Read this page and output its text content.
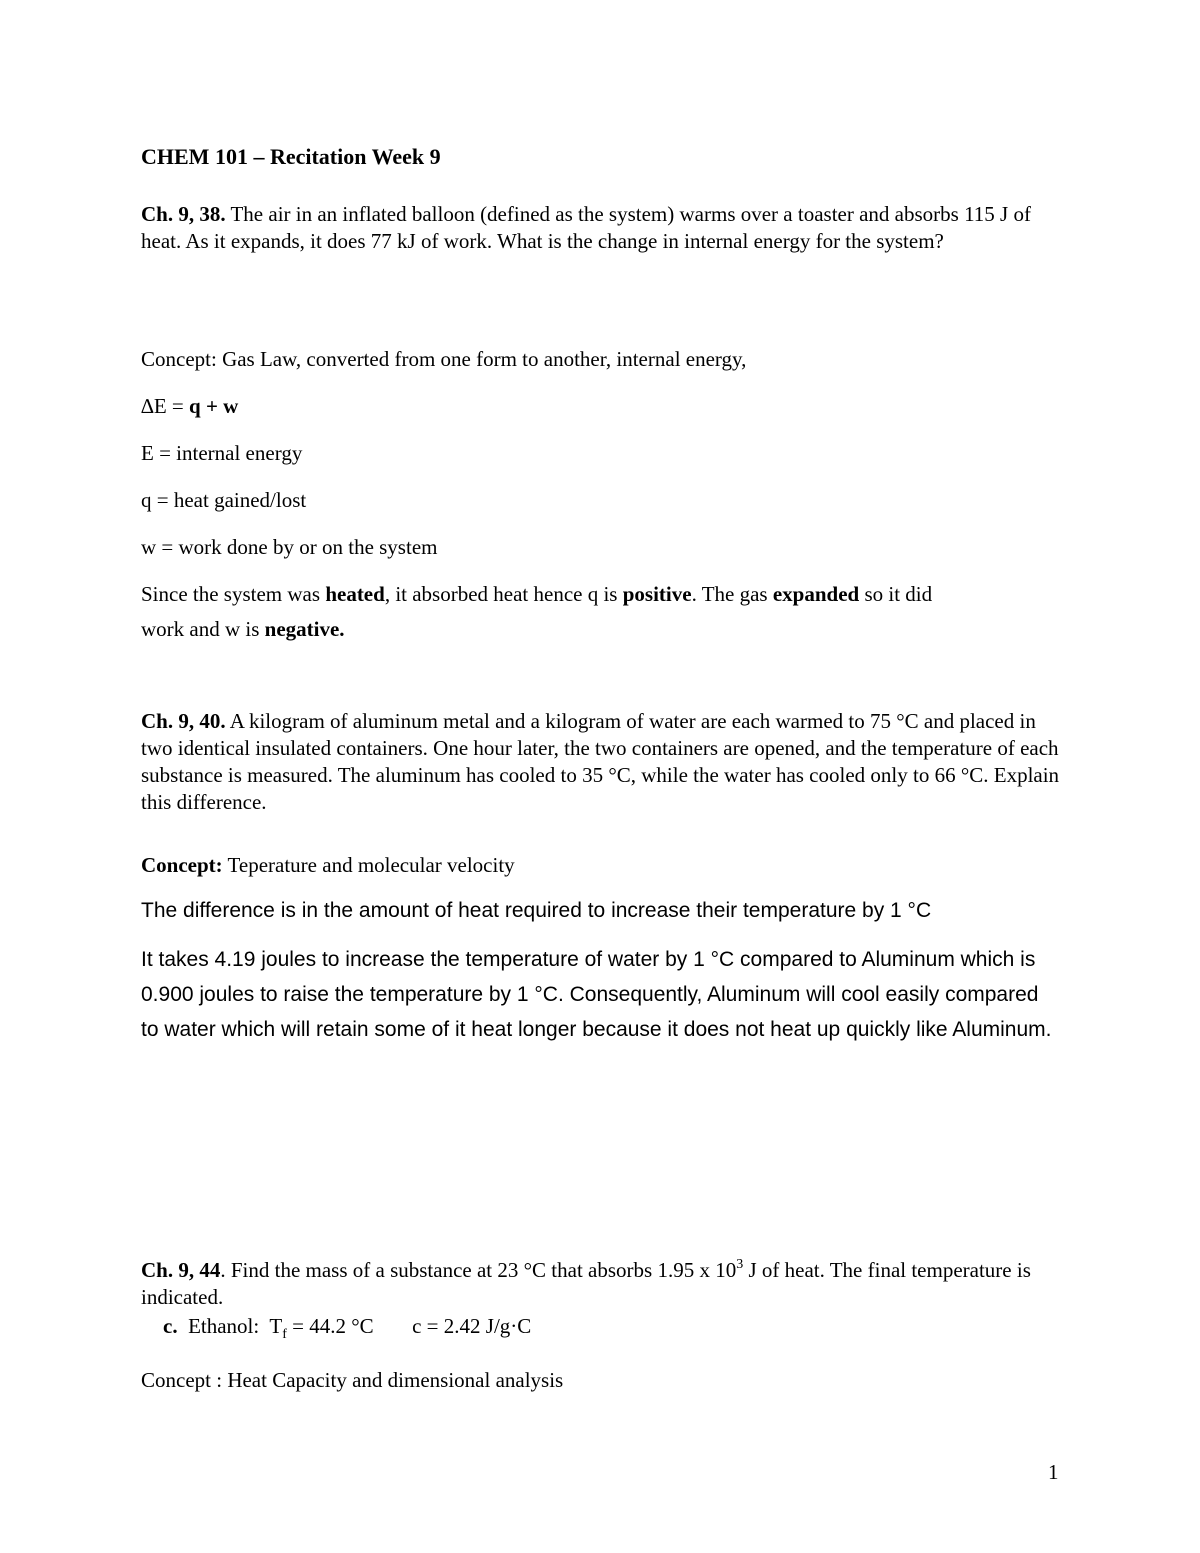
CHEM 101 – Recitation Week 9
Ch. 9, 38. The air in an inflated balloon (defined as the system) warms over a toaster and absorbs 115 J of heat. As it expands, it does 77 kJ of work. What is the change in internal energy for the system?
Concept: Gas Law, converted from one form to another, internal energy,
∆E = q + w
E = internal energy
q = heat gained/lost
w = work done by or on the system
Since the system was heated, it absorbed heat hence q is positive. The gas expanded so it did
work and w is negative.
Ch. 9, 40. A kilogram of aluminum metal and a kilogram of water are each warmed to 75 °C and placed in two identical insulated containers. One hour later, the two containers are opened, and the temperature of each substance is measured. The aluminum has cooled to 35 °C, while the water has cooled only to 66 °C. Explain this difference.
Concept: Teperature and molecular velocity
The difference is in the amount of heat required to increase their temperature by 1 °C
It takes 4.19 joules to increase the temperature of water by 1 °C compared to Aluminum which is 0.900 joules to raise the temperature by 1 °C. Consequently, Aluminum will cool easily compared to water which will retain some of it heat longer because it does not heat up quickly like Aluminum.
Ch. 9, 44. Find the mass of a substance at 23 °C that absorbs 1.95 x $10^3$ J of heat. The final temperature is indicated.
c. Ethanol: $T_f = 44.2$ °C c = 2.42 J/g·C
Concept : Heat Capacity and dimensional analysis
1
